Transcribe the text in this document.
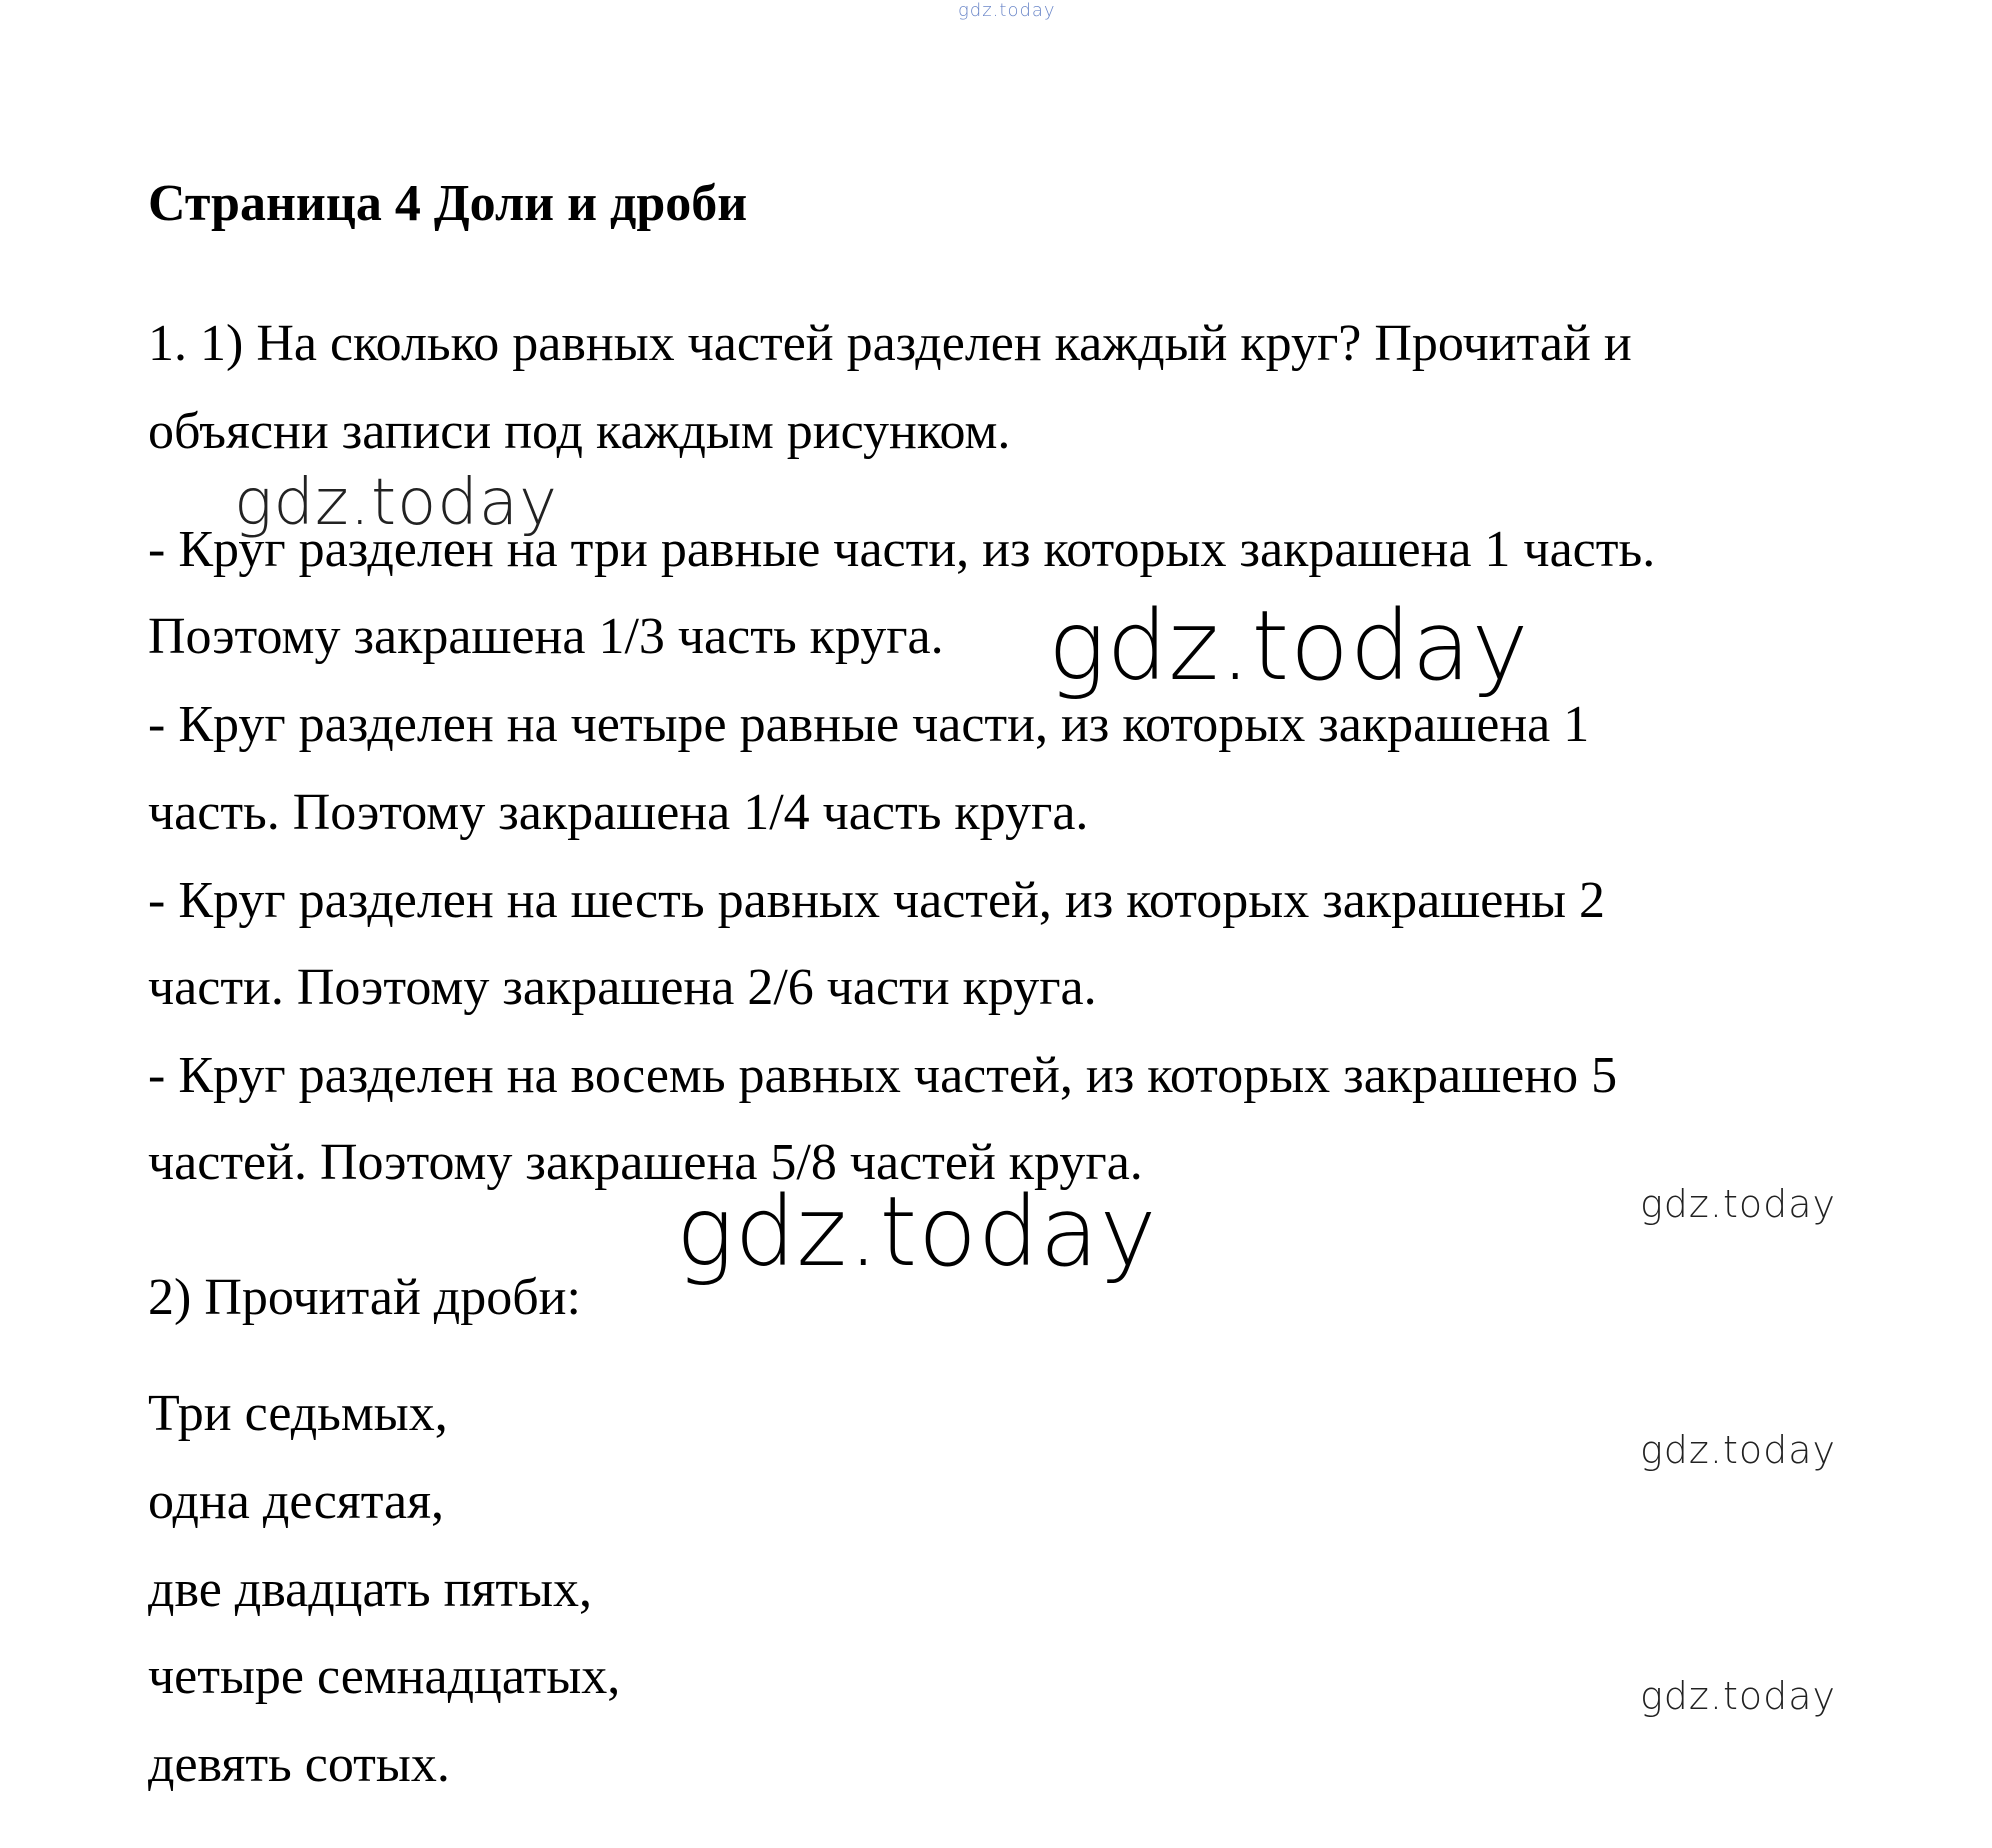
gdz.today
Страница 4 Доли и дроби
1. 1) На сколько равных частей разделен каждый круг? Прочитай и
объясни записи под каждым рисунком.
gdz.today
- Круг разделен на три равные части, из которых закрашена 1 часть.
Поэтому закрашена 1/3 часть круга.
- Круг разделен на четыре равные части, из которых закрашена 1
часть. Поэтому закрашена 1/4 часть круга.
- Круг разделен на шесть равных частей, из которых закрашены 2
части. Поэтому закрашена 2/6 части круга.
- Круг разделен на восемь равных частей, из которых закрашено 5
частей. Поэтому закрашена 5/8 частей круга.
gdz.today
gdz.today
gdz.today
2) Прочитай дроби:
Три седьмых,
одна десятая,
две двадцать пятых,
четыре семнадцатых,
девять сотых.
gdz.today
gdz.today
